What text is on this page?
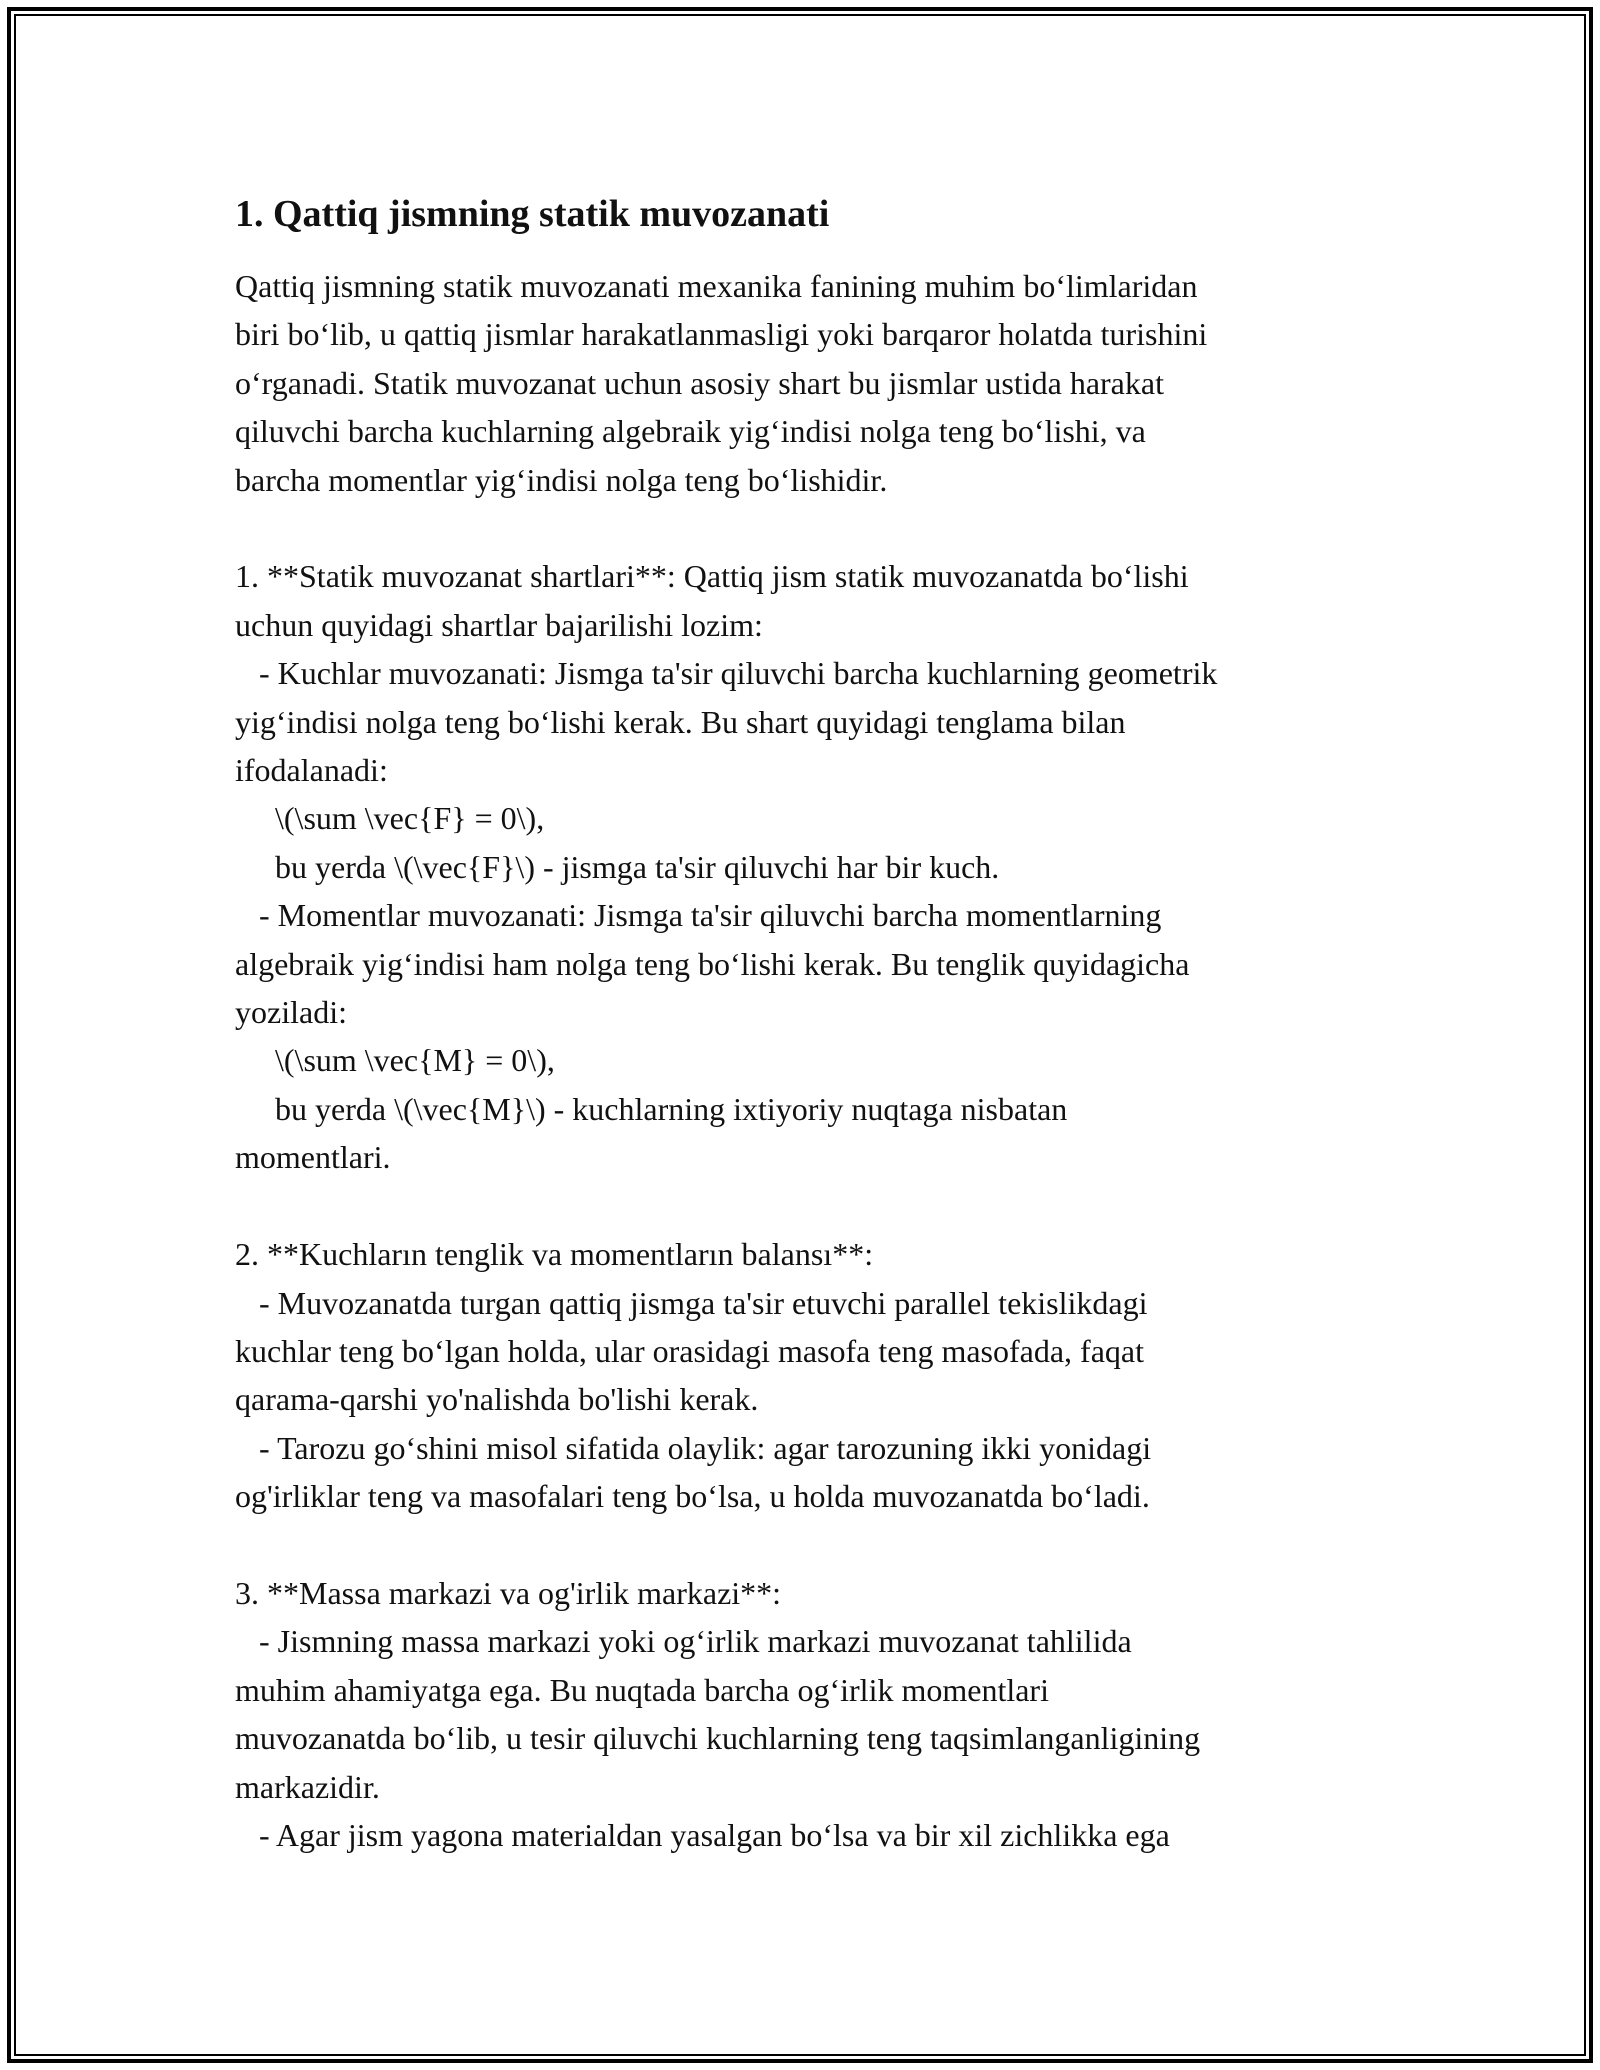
1. Qattiq jismning statik muvozanati
Qattiq jismning statik muvozanati mexanika fanining muhim bo‘limlaridan
biri bo‘lib, u qattiq jismlar harakatlanmasligi yoki barqaror holatda turishini
o‘rganadi. Statik muvozanat uchun asosiy shart bu jismlar ustida harakat
qiluvchi barcha kuchlarning algebraik yig‘indisi nolga teng bo‘lishi, va
barcha momentlar yig‘indisi nolga teng bo‘lishidir.
1. **Statik muvozanat shartlari**: Qattiq jism statik muvozanatda bo‘lishi
uchun quyidagi shartlar bajarilishi lozim:
- Kuchlar muvozanati: Jismga ta'sir qiluvchi barcha kuchlarning geometrik
yig‘indisi nolga teng bo‘lishi kerak. Bu shart quyidagi tenglama bilan
ifodalanadi:
\(\sum \vec{F} = 0\),
bu yerda \(\vec{F}\) - jismga ta'sir qiluvchi har bir kuch.
- Momentlar muvozanati: Jismga ta'sir qiluvchi barcha momentlarning
algebraik yig‘indisi ham nolga teng bo‘lishi kerak. Bu tenglik quyidagicha
yoziladi:
\(\sum \vec{M} = 0\),
bu yerda \(\vec{M}\) - kuchlarning ixtiyoriy nuqtaga nisbatan
momentlari.
2. **Kuchların tenglik va momentların balansı**:
- Muvozanatda turgan qattiq jismga ta'sir etuvchi parallel tekislikdagi
kuchlar teng bo‘lgan holda, ular orasidagi masofa teng masofada, faqat
qarama-qarshi yo'nalishda bo'lishi kerak.
- Tarozu go‘shini misol sifatida olaylik: agar tarozuning ikki yonidagi
og'irliklar teng va masofalari teng bo‘lsa, u holda muvozanatda bo‘ladi.
3. **Massa markazi va og'irlik markazi**:
- Jismning massa markazi yoki og‘irlik markazi muvozanat tahlilida
muhim ahamiyatga ega. Bu nuqtada barcha og‘irlik momentlari
muvozanatda bo‘lib, u tesir qiluvchi kuchlarning teng taqsimlanganligining
markazidir.
- Agar jism yagona materialdan yasalgan bo‘lsa va bir xil zichlikka ega
